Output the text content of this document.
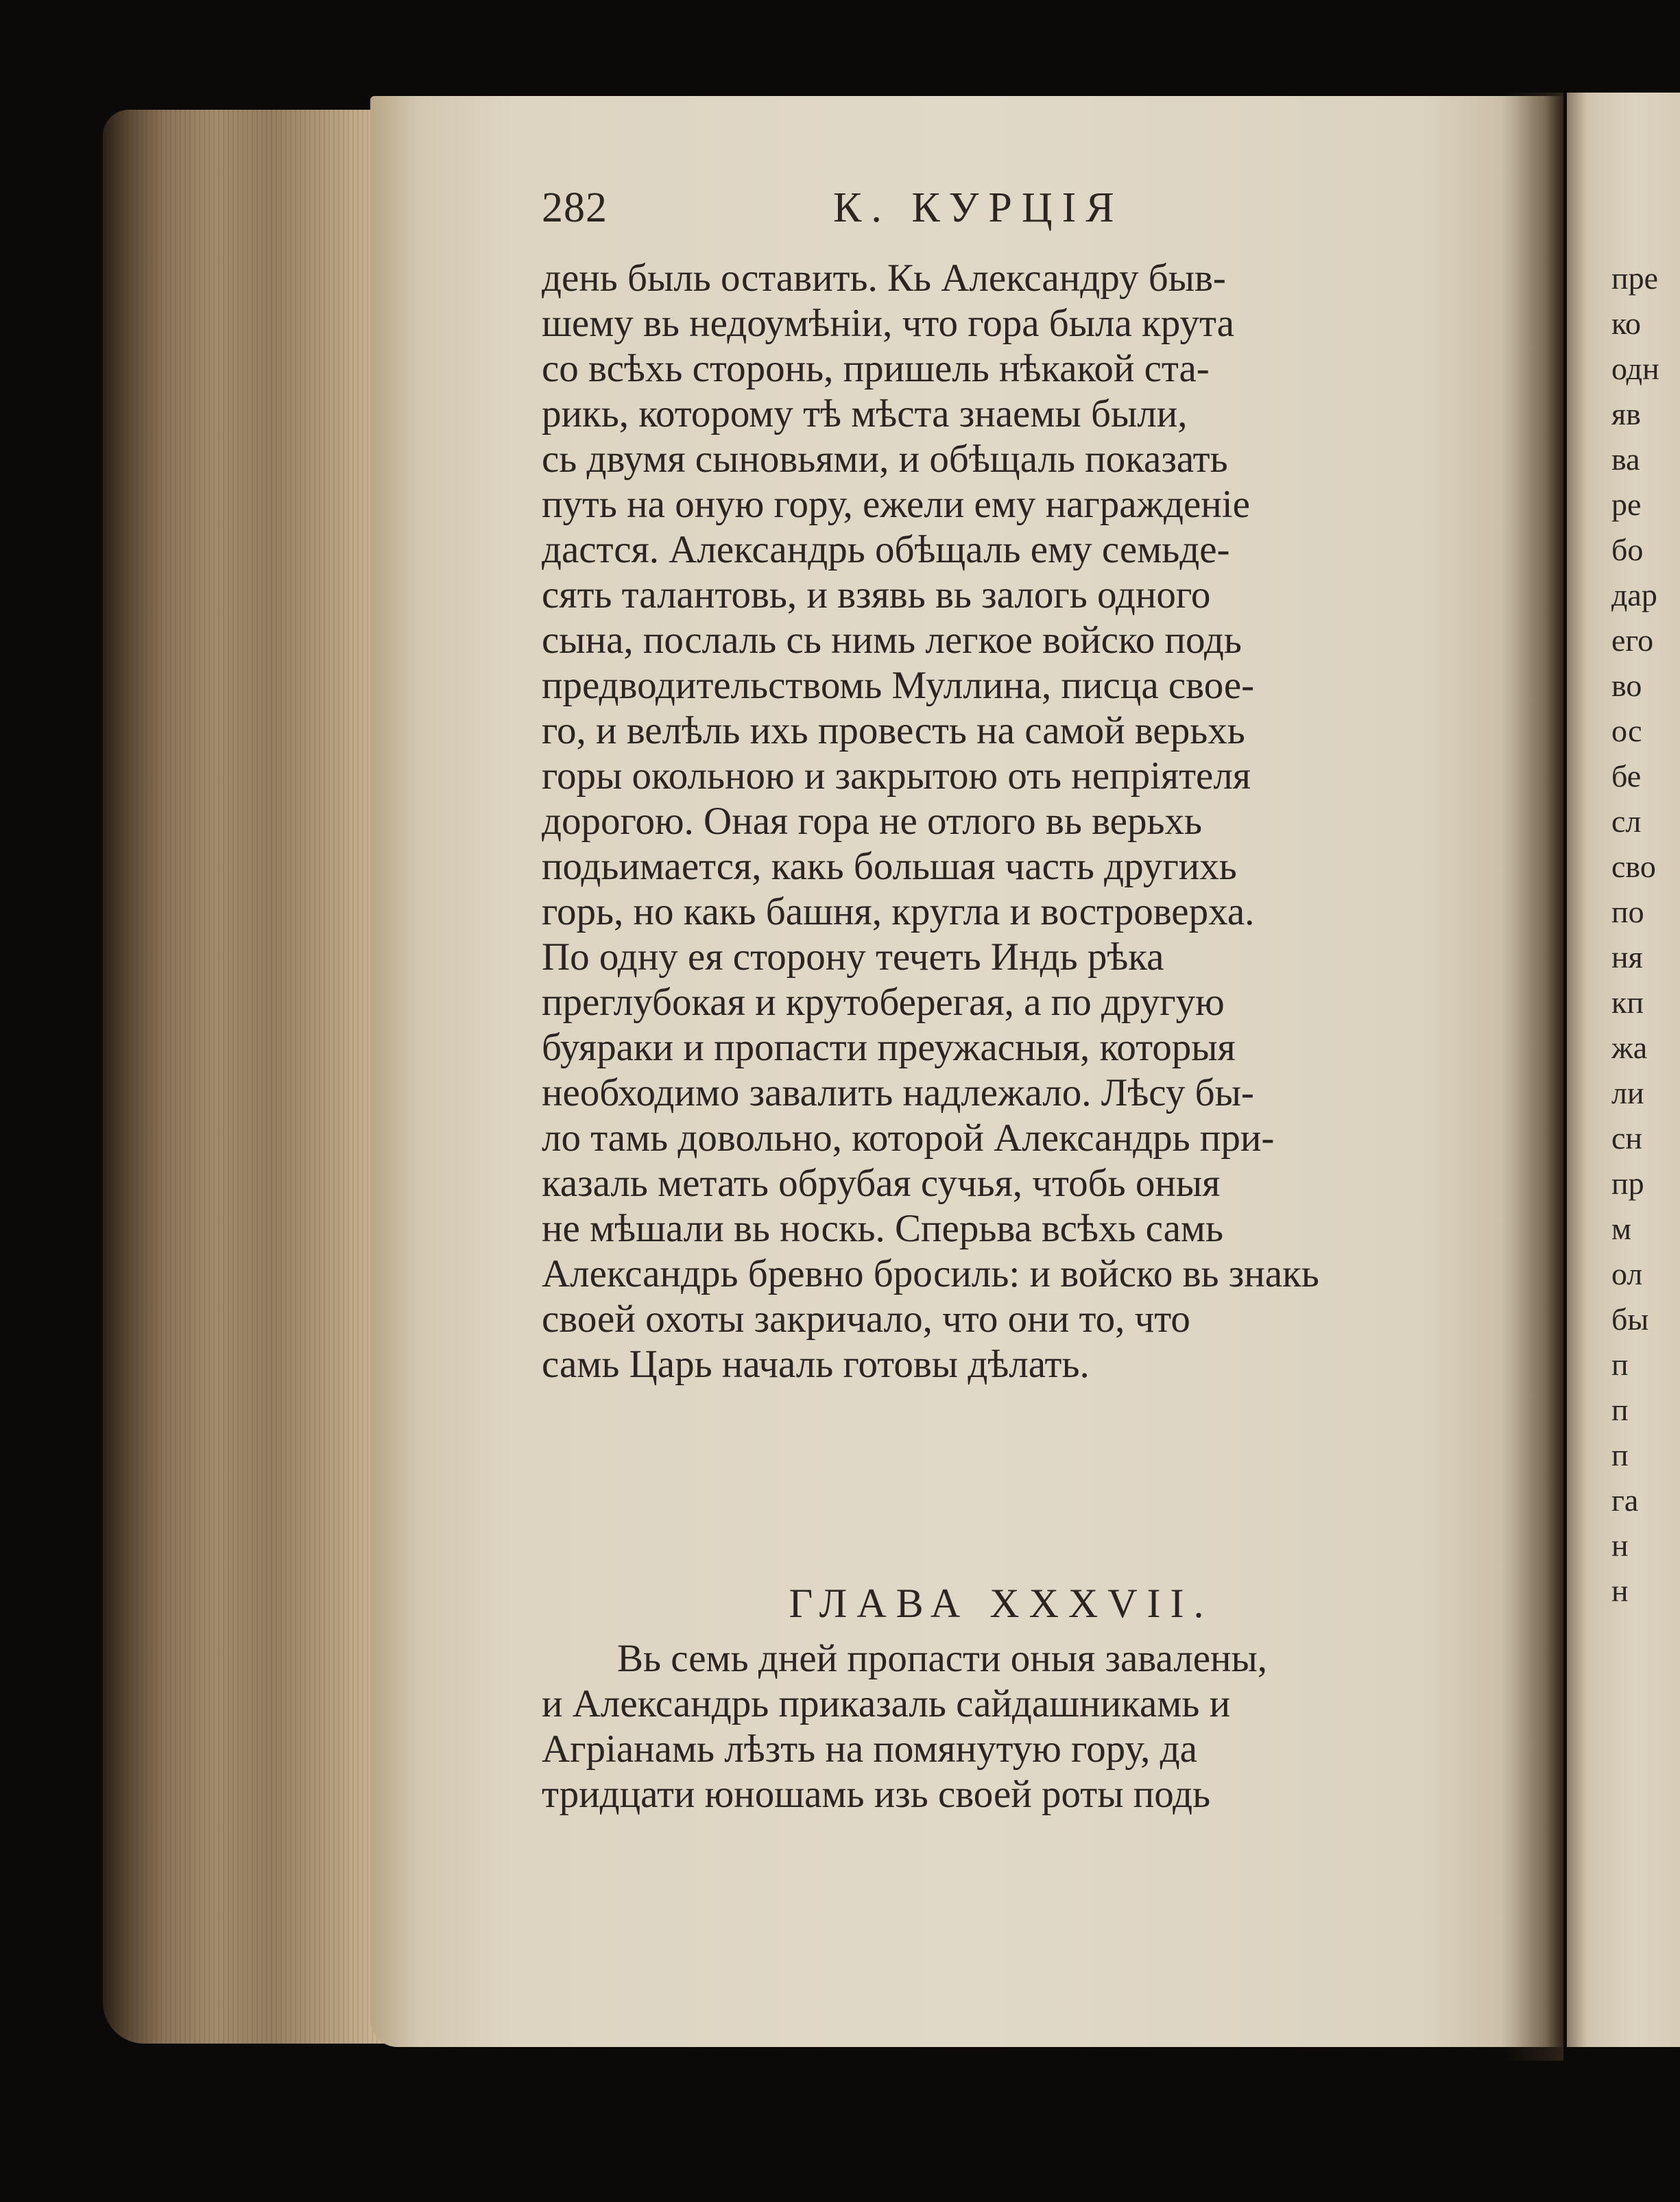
282	К. КУРЦIЯ
день быль оставить. Кь Александру быв-
шему вь недоумѣнiи, что гора была крута
со всѣхь сторонь, пришель нѣкакой ста-
рикь, которому тѣ мѣста знаемы были,
сь двумя сыновьями, и обѣщаль показать
путь на оную гору, ежели ему награжденiе
дастся. Александрь обѣщаль ему семьде-
сять талантовь, и взявь вь залогь одного
сына, послаль сь нимь легкое войско подь
предводительствомь Муллина, писца свое-
го, и велѣль ихь провесть на самой верьхь
горы окольною и закрытою оть непрiятеля
дорогою. Оная гора не отлого вь верьхь
подьимается, какь большая часть другихь
горь, но какь башня, кругла и востроверха.
По одну ея сторону течеть Индь рѣка
преглубокая и крутоберегая, а по другую
буяраки и пропасти преужасныя, которыя
необходимо завалить надлежало. Лѣсу бы-
ло тамь довольно, которой Александрь при-
казаль метать обрубая сучья, чтобь оныя
не мѣшали вь носкь. Сперьва всѣхь самь
Александрь бревно бросиль: и войско вь знакь
своей охоты закричало, что они то, что
самь Царь началь готовы дѣлать.
ГЛАВА XXXVII.
Вь семь дней пропасти оныя завалены,
и Александрь приказаль сайдашникамь и
Агрiанамь лѣзть на помянутую гору, да
тридцати юношамь изь своей роты подь
пре
ко
одн
яв
ва
ре
бо
дар
его
во
ос
бе
сл
сво
по
ня
кп
жа
ли
сн
пр
м
ол
бы
п
п
п
га
н
н
